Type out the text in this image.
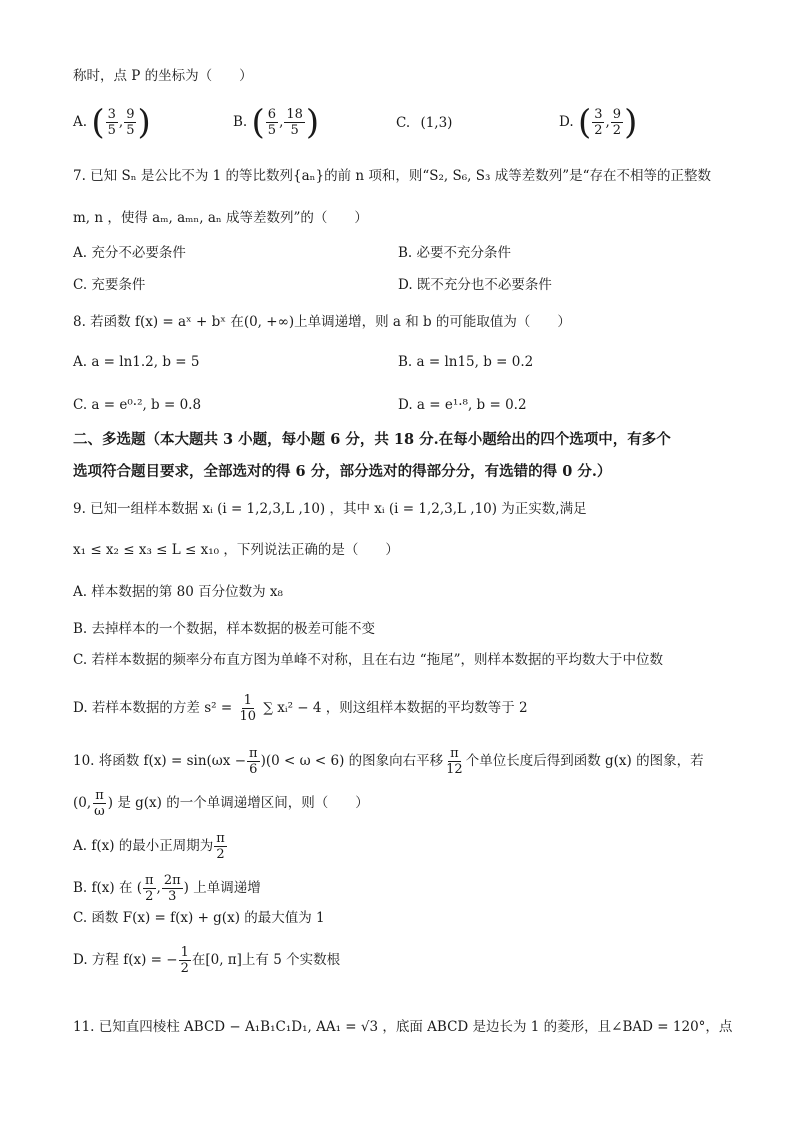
称时，点 P 的坐标为（　　）
A. ( $\frac{3}{5}$ , $\frac{9}{5}$ )	B. ( $\frac{6}{5}$ , $\frac{18}{5}$ )	C. (1,3)	D. ( $\frac{3}{2}$ , $\frac{9}{2}$ )
7. 已知 Sₙ 是公比不为 1 的等比数列{aₙ}的前 n 项和，则“S₂, S₆, S₃ 成等差数列”是“存在不相等的正整数
m, n ，使得 aₘ, aₘₙ, aₙ 成等差数列”的（　　）
A. 充分不必要条件	B. 必要不充分条件
C. 充要条件	D. 既不充分也不必要条件
8. 若函数 f(x) = aˣ + bˣ 在(0, +∞)上单调递增，则 a 和 b 的可能取值为（　　）
A. a = ln1.2, b = 5	B. a = ln15, b = 0.2
C. a = e⁰·², b = 0.8	D. a = e¹·⁸, b = 0.2
二、多选题（本大题共 3 小题，每小题 6 分，共 18 分.在每小题给出的四个选项中，有多个
选项符合题目要求，全部选对的得 6 分，部分选对的得部分分，有选错的得 0 分.）
9. 已知一组样本数据 xᵢ (i = 1,2,3,L ,10) ，其中 xᵢ (i = 1,2,3,L ,10) 为正实数,满足
x₁ ≤ x₂ ≤ x₃ ≤ L ≤ x₁₀ ，下列说法正确的是（　　）
A. 样本数据的第 80 百分位数为 x₈
B. 去掉样本的一个数据，样本数据的极差可能不变
C. 若样本数据的频率分布直方图为单峰不对称，且在右边 “拖尾”，则样本数据的平均数大于中位数
D. 若样本数据的方差 $s^2 = \frac{1}{10}$ ∑ xᵢ² − 4 ，则这组样本数据的平均数等于 2
10. 将函数 $f(x) = \sin(\omega x - \frac{\pi}{6} )(0 < \omega < 6)$ 的图象向右平移 $\frac{\pi}{12}$ 个单位长度后得到函数 g(x) 的图象，若
(0, $\frac{\pi}{\omega}$ ) 是 g(x) 的一个单调递增区间，则（　　）
A. f(x) 的最小正周期为 $\frac{\pi}{2}$
B. f(x) 在 ( $\frac{\pi}{2}$ , $\frac{2\pi}{3}$ ) 上单调递增
C. 函数 F(x) = f(x) + g(x) 的最大值为 1
D. 方程 f(x) = − $\frac{1}{2}$ 在[0, π]上有 5 个实数根
11. 已知直四棱柱 ABCD − A₁B₁C₁D₁, AA₁ = √3 ，底面 ABCD 是边长为 1 的菱形，且∠BAD = 120°，点
